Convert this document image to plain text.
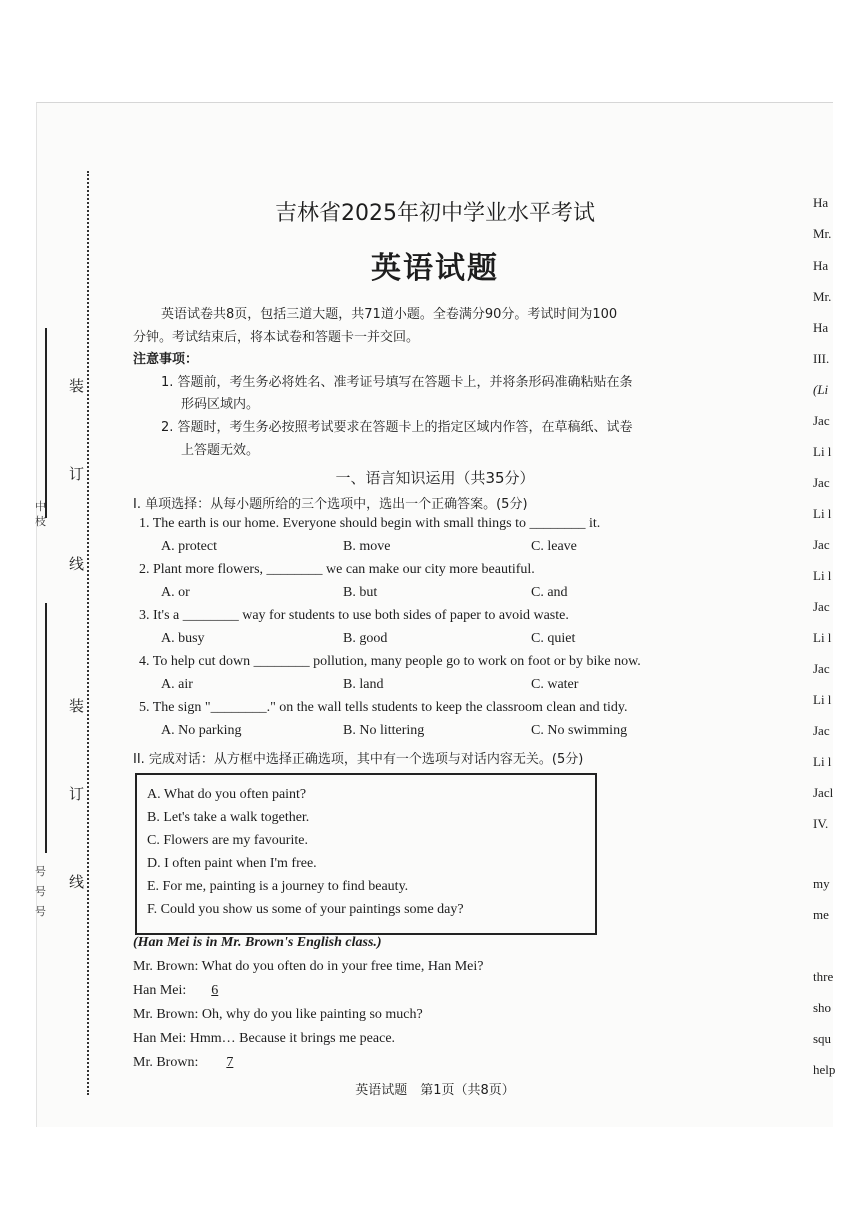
装
订
线
装
订
线
中
枝
号
号
号
吉林省2025年初中学业水平考试
英语试题
英语试卷共8页，包括三道大题，共71道小题。全卷满分90分。考试时间为100
分钟。考试结束后，将本试卷和答题卡一并交回。
注意事项：
1. 答题前，考生务必将姓名、准考证号填写在答题卡上，并将条形码准确粘贴在条
形码区域内。
2. 答题时，考生务必按照考试要求在答题卡上的指定区域内作答，在草稿纸、试卷
上答题无效。
一、语言知识运用（共35分）
I. 单项选择：从每小题所给的三个选项中，选出一个正确答案。(5分)
1. The earth is our home. Everyone should begin with small things to ________ it.
A. protect	B. move	C. leave
2. Plant more flowers, ________ we can make our city more beautiful.
A. or	B. but	C. and
3. It's a ________ way for students to use both sides of paper to avoid waste.
A. busy	B. good	C. quiet
4. To help cut down ________ pollution, many people go to work on foot or by bike now.
A. air	B. land	C. water
5. The sign "________." on the wall tells students to keep the classroom clean and tidy.
A. No parking	B. No littering	C. No swimming
II. 完成对话：从方框中选择正确选项，其中有一个选项与对话内容无关。(5分)
A. What do you often paint?
B. Let's take a walk together.
C. Flowers are my favourite.
D. I often paint when I'm free.
E. For me, painting is a journey to find beauty.
F. Could you show us some of your paintings some day?
(Han Mei is in Mr. Brown's English class.)
Mr. Brown: What do you often do in your free time, Han Mei?
Han Mei: 6
Mr. Brown: Oh, why do you like painting so much?
Han Mei: Hmm… Because it brings me peace.
Mr. Brown: 7
英语试题　第1页（共8页）
Ha
Mr.
Ha
Mr.
Ha
III.
(Li
Jac
Li l
Jac
Li l
Jac
Li l
Jac
Li l
Jac
Li l
Jac
Li l
Jacl
IV.
my
me
thre
sho
squ
help
